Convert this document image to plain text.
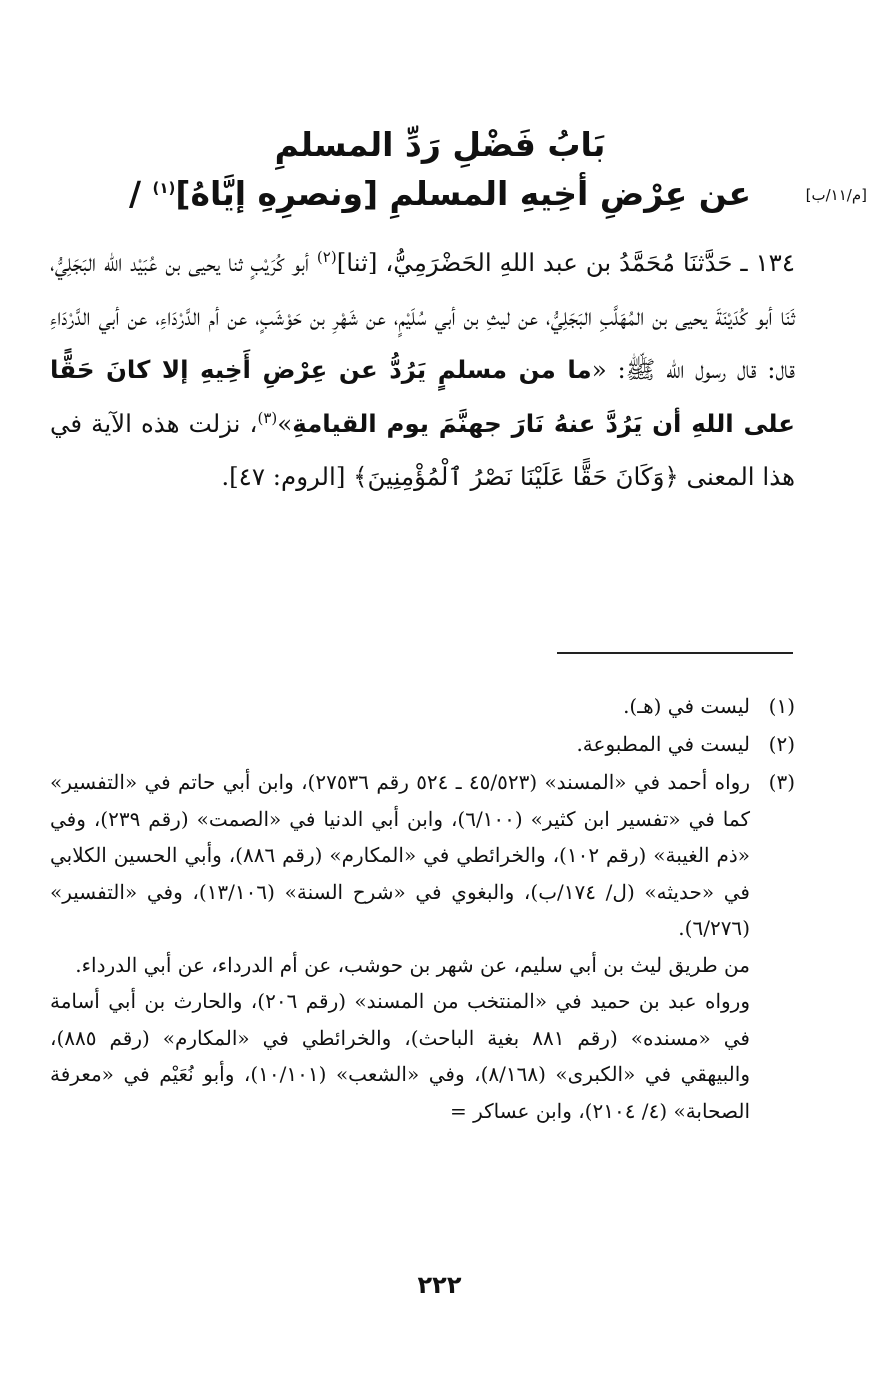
بَابُ فَضْلِ رَدِّ المسلمِ
عن عِرْضِ أخِيهِ المسلمِ [ونصرِهِ إيَّاهُ]$^{(١)}$ /	[م/١١/ب]
١٣٤ ـ حَدَّثنَا مُحَمَّدُ بن عبد اللهِ الحَضْرَمِيُّ، [ثنا]$^{(٢)}$ أبو كُرَيْبٍ ثنا يحيى بن عُبَيْد الله البَجَلِيُّ، ثَنَا أبو كُدَيْنَةَ يحيى بن المُهَلَّبِ البَجَلِيُّ، عن ليثِ بن أبي سُلَيْمٍ، عن شَهْرِ بن حَوْشَبٍ، عن أم الدَّرْدَاءِ، عن أبي الدَّرْدَاءِ قال: قال رسول الله ﷺ: «ما من مسلمٍ يَرُدُّ عن عِرْضِ أَخِيهِ إلا كانَ حَقًّا على اللهِ أن يَرُدَّ عنهُ نَارَ جهنَّمَ يوم القيامةِ»$^{(٣)}$، نزلت هذه الآية في هذا المعنى ﴿وَكَانَ حَقًّا عَلَيْنَا نَصْرُ ٱلْمُؤْمِنِينَ﴾ [الروم: ٤٧].
(١)
ليست في (هـ).
(٢)
ليست في المطبوعة.
(٣)
رواه أحمد في «المسند» (٤٥/٥٢٣ ـ ٥٢٤ رقم ٢٧٥٣٦)، وابن أبي حاتم في «التفسير» كما في «تفسير ابن كثير» (٦/١٠٠)، وابن أبي الدنيا في «الصمت» (رقم ٢٣٩)، وفي «ذم الغيبة» (رقم ١٠٢)، والخرائطي في «المكارم» (رقم ٨٨٦)، وأبي الحسين الكلابي في «حديثه» (ل/ ١٧٤/ب)، والبغوي في «شرح السنة» (١٣/١٠٦)، وفي «التفسير» (٦/٢٧٦).
من طريق ليث بن أبي سليم، عن شهر بن حوشب، عن أم الدرداء، عن أبي الدرداء.
ورواه عبد بن حميد في «المنتخب من المسند» (رقم ٢٠٦)، والحارث بن أبي أسامة في «مسنده» (رقم ٨٨١ بغية الباحث)، والخرائطي في «المكارم» (رقم ٨٨٥)، والبيهقي في «الكبرى» (٨/١٦٨)، وفي «الشعب» (١٠/١٠١)، وأبو نُعَيْم في «معرفة الصحابة» (٤/ ٢١٠٤)، وابن عساكر =
٢٢٢
